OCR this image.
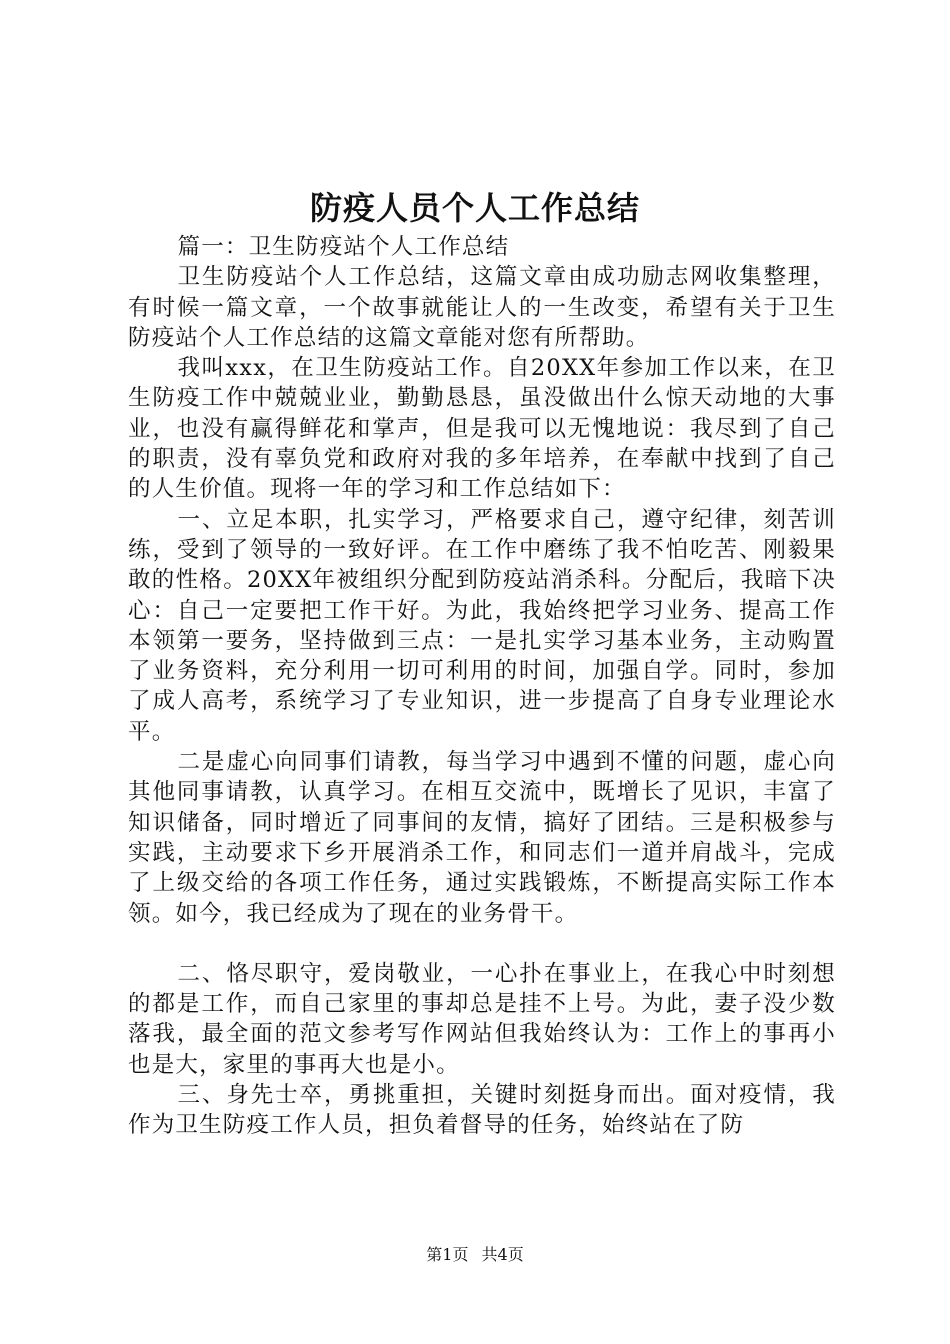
防疫人员个人工作总结

篇一：卫生防疫站个人工作总结

卫生防疫站个人工作总结，这篇文章由成功励志网收集整理，有时候一篇文章，一个故事就能让人的一生改变，希望有关于卫生防疫站个人工作总结的这篇文章能对您有所帮助。

我叫xxx，在卫生防疫站工作。自20XX年参加工作以来，在卫生防疫工作中兢兢业业，勤勤恳恳，虽没做出什么惊天动地的大事业，也没有赢得鲜花和掌声，但是我可以无愧地说：我尽到了自己的职责，没有辜负党和政府对我的多年培养，在奉献中找到了自己的人生价值。现将一年的学习和工作总结如下：

一、立足本职，扎实学习，严格要求自己，遵守纪律，刻苦训练，受到了领导的一致好评。在工作中磨练了我不怕吃苦、刚毅果敢的性格。20XX年被组织分配到防疫站消杀科。分配后，我暗下决心：自己一定要把工作干好。为此，我始终把学习业务、提高工作本领第一要务，坚持做到三点：一是扎实学习基本业务，主动购置了业务资料，充分利用一切可利用的时间，加强自学。同时，参加了成人高考，系统学习了专业知识，进一步提高了自身专业理论水平。

二是虚心向同事们请教，每当学习中遇到不懂的问题，虚心向其他同事请教，认真学习。在相互交流中，既增长了见识，丰富了知识储备，同时增近了同事间的友情，搞好了团结。三是积极参与实践，主动要求下乡开展消杀工作，和同志们一道并肩战斗，完成了上级交给的各项工作任务，通过实践锻炼，不断提高实际工作本领。如今，我已经成为了现在的业务骨干。

二、恪尽职守，爱岗敬业，一心扑在事业上，在我心中时刻想的都是工作，而自己家里的事却总是挂不上号。为此，妻子没少数落我，最全面的范文参考写作网站但我始终认为：工作上的事再小也是大，家里的事再大也是小。

三、身先士卒，勇挑重担，关键时刻挺身而出。面对疫情，我作为卫生防疫工作人员，担负着督导的任务，始终站在了防

第1页 共4页
